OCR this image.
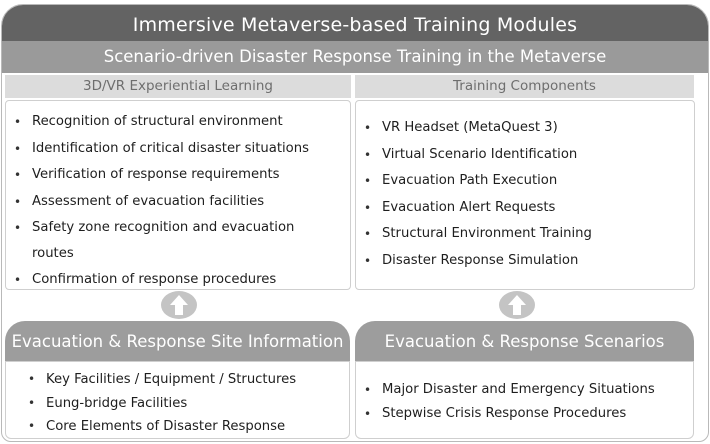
Immersive Metaverse-based Training Modules
Scenario-driven Disaster Response Training in the Metaverse
3D/VR Experiential Learning	Training Components
• Recognition of structural environment
• Identification of critical disaster situations
• Verification of response requirements
• Assessment of evacuation facilities
• Safety zone recognition and evacuation routes
• Confirmation of response procedures
• VR Headset (MetaQuest 3)
• Virtual Scenario Identification
• Evacuation Path Execution
• Evacuation Alert Requests
• Structural Environment Training
• Disaster Response Simulation
Evacuation & Response Site Information
• Key Facilities / Equipment / Structures
• Eung-bridge Facilities
• Core Elements of Disaster Response
Evacuation & Response Scenarios
• Major Disaster and Emergency Situations
• Stepwise Crisis Response Procedures
